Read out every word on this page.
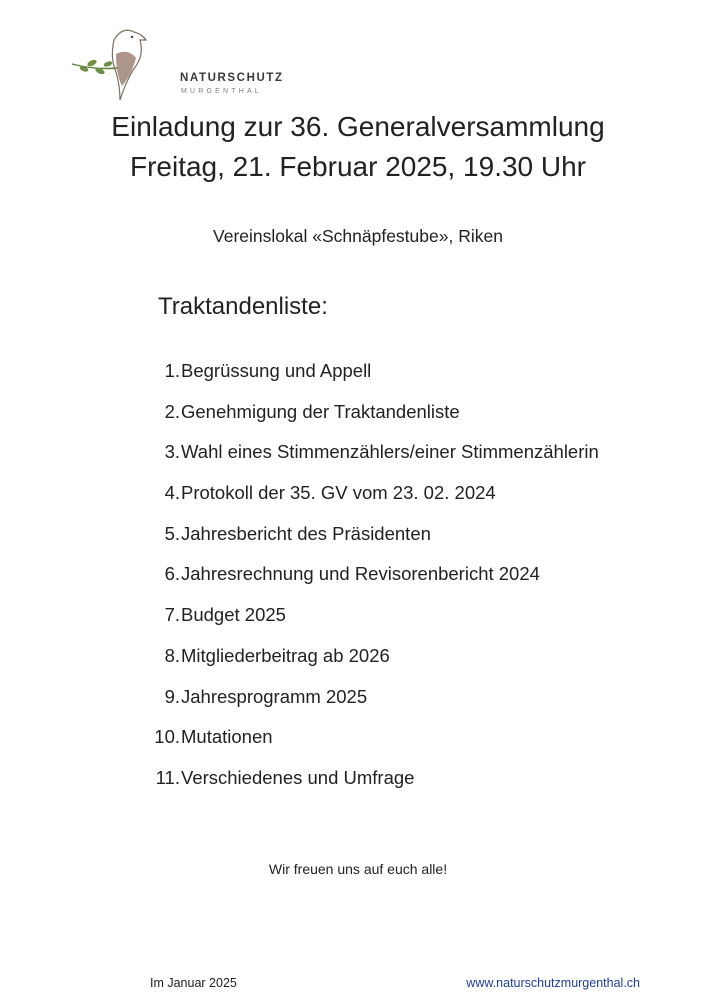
NATURSCHUTZ
MURGENTHAL
Einladung zur 36. Generalversammlung
Freitag, 21. Februar 2025, 19.30 Uhr
Vereinslokal «Schnäpfestube», Riken
Traktandenliste:
1. Begrüssung und Appell
2. Genehmigung der Traktandenliste
3. Wahl eines Stimmenzählers/einer Stimmenzählerin
4. Protokoll der 35. GV vom 23. 02. 2024
5. Jahresbericht des Präsidenten
6. Jahresrechnung und Revisorenbericht 2024
7. Budget 2025
8. Mitgliederbeitrag ab 2026
9. Jahresprogramm 2025
10. Mutationen
11. Verschiedenes und Umfrage
Wir freuen uns auf euch alle!
Im Januar 2025	www.naturschutzmurgenthal.ch
